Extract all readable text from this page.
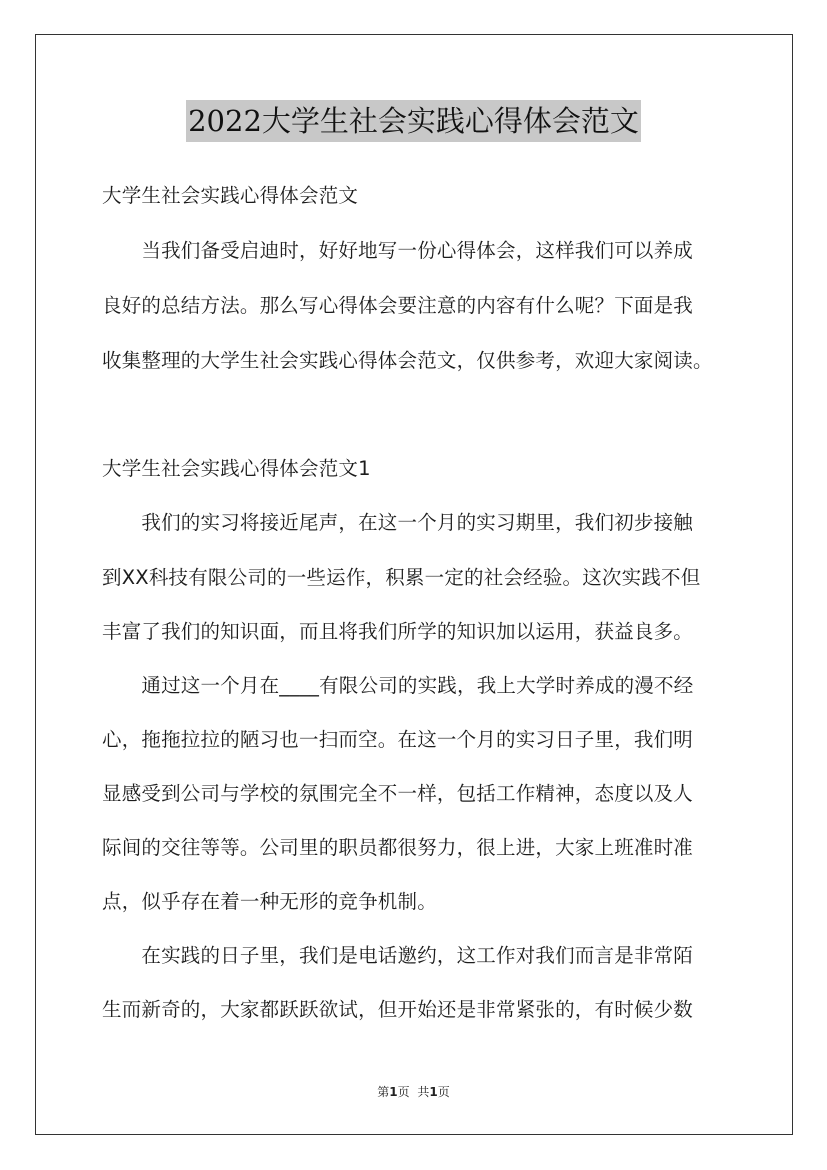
2022大学生社会实践心得体会范文
大学生社会实践心得体会范文
　　当我们备受启迪时，好好地写一份心得体会，这样我们可以养成
良好的总结方法。那么写心得体会要注意的内容有什么呢？下面是我
收集整理的大学生社会实践心得体会范文，仅供参考，欢迎大家阅读。
大学生社会实践心得体会范文1
　　我们的实习将接近尾声，在这一个月的实习期里，我们初步接触
到XX科技有限公司的一些运作，积累一定的社会经验。这次实践不但
丰富了我们的知识面，而且将我们所学的知识加以运用，获益良多。
　　通过这一个月在____有限公司的实践，我上大学时养成的漫不经
心，拖拖拉拉的陋习也一扫而空。在这一个月的实习日子里，我们明
显感受到公司与学校的氛围完全不一样，包括工作精神，态度以及人
际间的交往等等。公司里的职员都很努力，很上进，大家上班准时准
点，似乎存在着一种无形的竞争机制。
　　在实践的日子里，我们是电话邀约，这工作对我们而言是非常陌
生而新奇的，大家都跃跃欲试，但开始还是非常紧张的，有时候少数
第1页 共1页
